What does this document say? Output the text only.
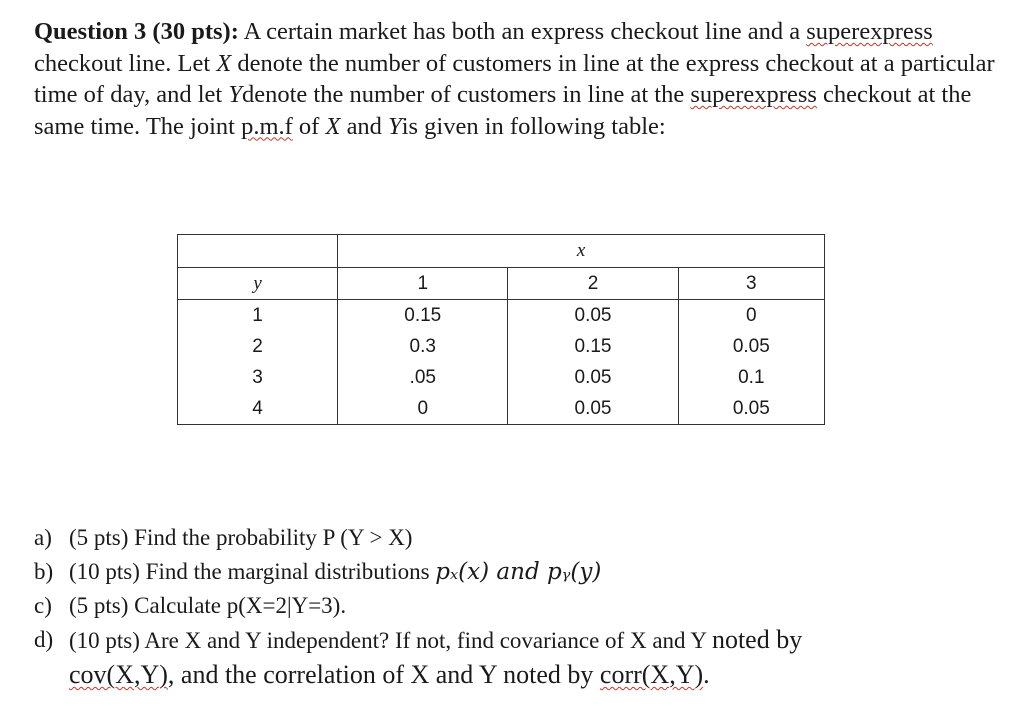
Question 3 (30 pts): A certain market has both an express checkout line and a superexpress checkout line. Let X denote the number of customers in line at the express checkout at a particular time of day, and let Ydenote the number of customers in line at the superexpress checkout at the same time. The joint p.m.f of X and Yis given in following table:
	x		
y	1	2	3
1	0.15	0.05	0
2	0.3	0.15	0.05
3	.05	0.05	0.1
4	0	0.05	0.05
a) (5 pts) Find the probability P (Y > X)
b) (10 pts) Find the marginal distributions pₓ(x) and pᵧ(y)
c) (5 pts) Calculate p(X=2|Y=3).
d) (10 pts) Are X and Y independent? If not, find covariance of X and Y noted by
cov(X,Y), and the correlation of X and Y noted by corr(X,Y).
